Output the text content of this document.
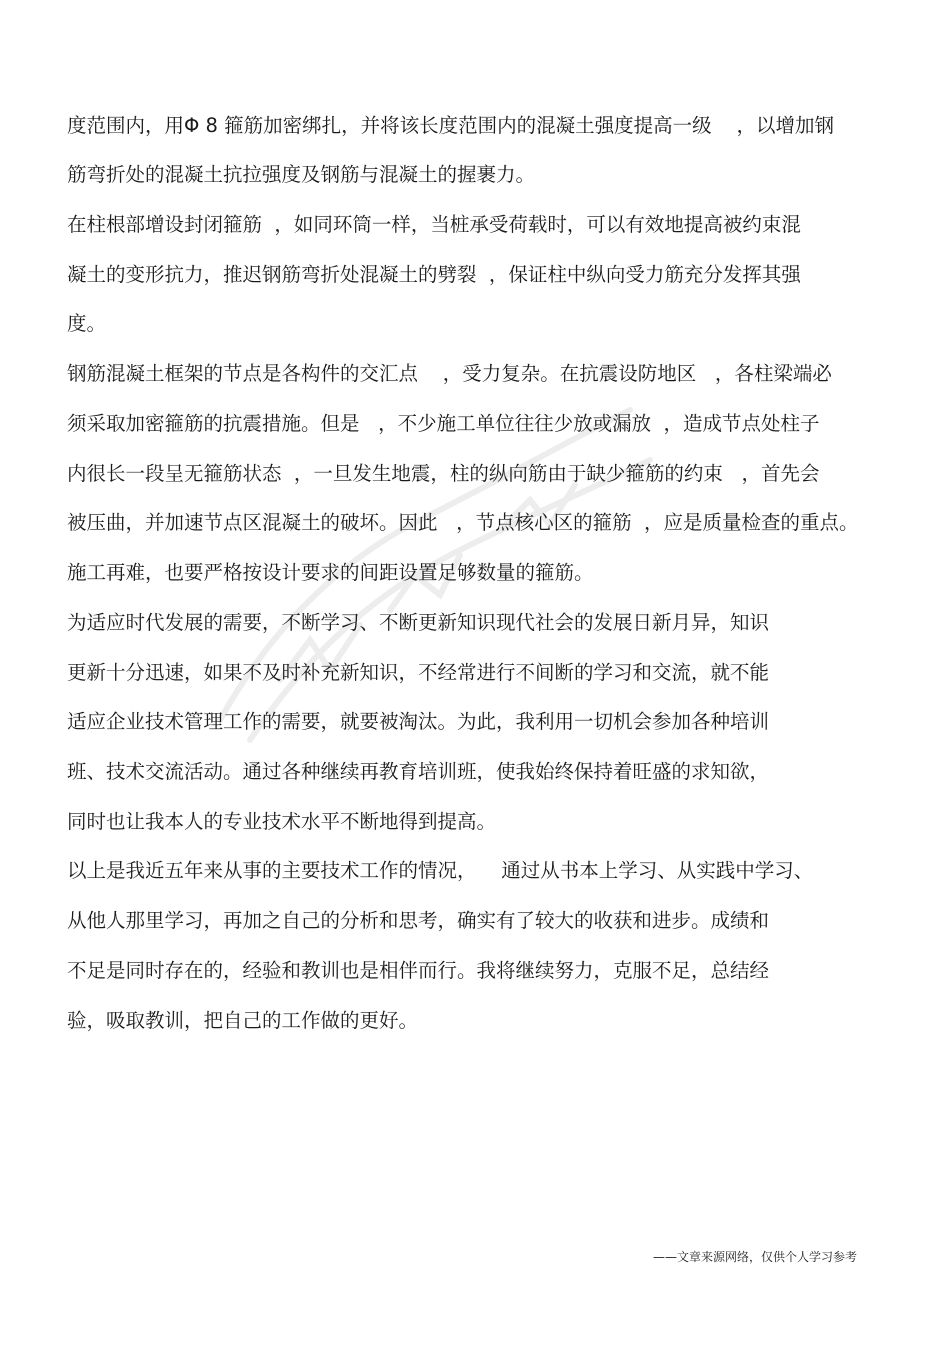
度范围内，用Φ 8 箍筋加密绑扎，并将该长度范围内的混凝土强度提高一级    ，以增加钢
筋弯折处的混凝土抗拉强度及钢筋与混凝土的握裹力。
在柱根部增设封闭箍筋  ，如同环筒一样，当桩承受荷载时，可以有效地提高被约束混
凝土的变形抗力，推迟钢筋弯折处混凝土的劈裂  ，保证柱中纵向受力筋充分发挥其强
度。
钢筋混凝土框架的节点是各构件的交汇点    ，受力复杂。在抗震设防地区   ，各柱梁端必
须采取加密箍筋的抗震措施。但是   ，不少施工单位往往少放或漏放  ，造成节点处柱子
内很长一段呈无箍筋状态  ，一旦发生地震，柱的纵向筋由于缺少箍筋的约束   ，首先会
被压曲，并加速节点区混凝土的破坏。因此   ，节点核心区的箍筋  ，应是质量检查的重点。
施工再难，也要严格按设计要求的间距设置足够数量的箍筋。
为适应时代发展的需要，不断学习、不断更新知识现代社会的发展日新月异，知识
更新十分迅速，如果不及时补充新知识，不经常进行不间断的学习和交流，就不能
适应企业技术管理工作的需要，就要被淘汰。为此，我利用一切机会参加各种培训
班、技术交流活动。通过各种继续再教育培训班，使我始终保持着旺盛的求知欲，
同时也让我本人的专业技术水平不断地得到提高。
以上是我近五年来从事的主要技术工作的情况，    通过从书本上学习、从实践中学习、
从他人那里学习，再加之自己的分析和思考，确实有了较大的收获和进步。成绩和
不足是同时存在的，经验和教训也是相伴而行。我将继续努力，克服不足，总结经
验，吸取教训，把自己的工作做的更好。
——文章来源网络，仅供个人学习参考
